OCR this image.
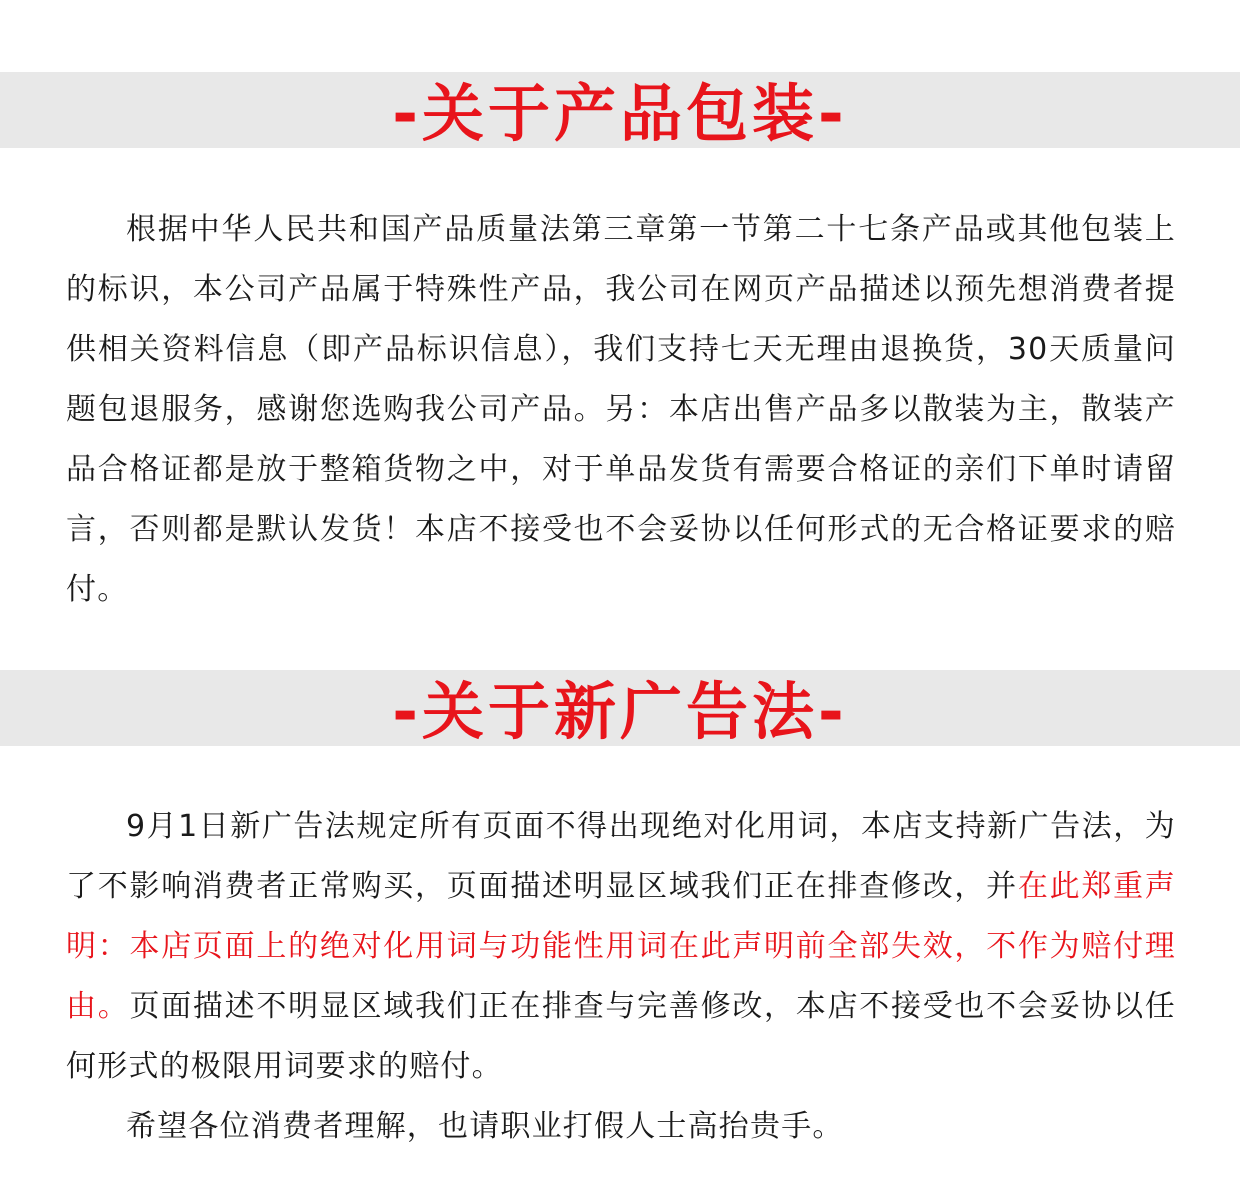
-关于产品包装-

根据中华人民共和国产品质量法第三章第一节第二十七条产品或其他包装上的标识，本公司产品属于特殊性产品，我公司在网页产品描述以预先想消费者提供相关资料信息（即产品标识信息），我们支持七天无理由退换货，30天质量问题包退服务，感谢您选购我公司产品。另：本店出售产品多以散装为主，散装产品合格证都是放于整箱货物之中，对于单品发货有需要合格证的亲们下单时请留言，否则都是默认发货！本店不接受也不会妥协以任何形式的无合格证要求的赔付。

-关于新广告法-

9月1日新广告法规定所有页面不得出现绝对化用词，本店支持新广告法，为了不影响消费者正常购买，页面描述明显区域我们正在排查修改，并在此郑重声明：本店页面上的绝对化用词与功能性用词在此声明前全部失效，不作为赔付理由。页面描述不明显区域我们正在排查与完善修改，本店不接受也不会妥协以任何形式的极限用词要求的赔付。

希望各位消费者理解，也请职业打假人士高抬贵手。
